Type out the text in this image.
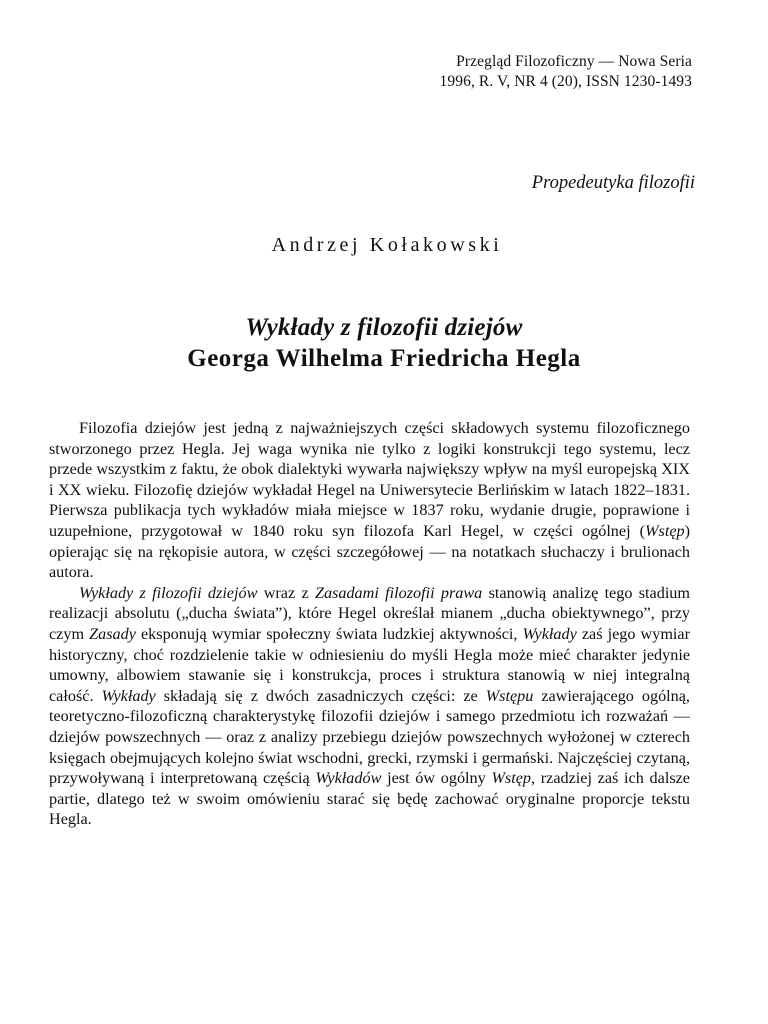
Przegląd Filozoficzny — Nowa Seria
1996, R. V, NR 4 (20), ISSN 1230-1493
Propedeutyka filozofii
Andrzej Kołakowski
Wykłady z filozofii dziejów
Georga Wilhelma Friedricha Hegla

Filozofia dziejów jest jedną z najważniejszych części składowych systemu filozoficznego stworzonego przez Hegla. Jej waga wynika nie tylko z logiki konstrukcji tego systemu, lecz przede wszystkim z faktu, że obok dialektyki wywarła największy wpływ na myśl europejską XIX i XX wieku. Filozofię dziejów wykładał Hegel na Uniwersytecie Berlińskim w latach 1822–1831. Pierwsza publikacja tych wykładów miała miejsce w 1837 roku, wydanie drugie, poprawione i uzupełnione, przygotował w 1840 roku syn filozofa Karl Hegel, w części ogólnej (Wstęp) opierając się na rękopisie autora, w części szczegółowej — na notatkach słuchaczy i brulionach autora.

Wykłady z filozofii dziejów wraz z Zasadami filozofii prawa stanowią analizę tego stadium realizacji absolutu („ducha świata”), które Hegel określał mianem „ducha obiektywnego”, przy czym Zasady eksponują wymiar społeczny świata ludzkiej aktywności, Wykłady zaś jego wymiar historyczny, choć rozdzielenie takie w odniesieniu do myśli Hegla może mieć charakter jedynie umowny, albowiem stawanie się i konstrukcja, proces i struktura stanowią w niej integralną całość. Wykłady składają się z dwóch zasadniczych części: ze Wstępu zawierającego ogólną, teoretyczno-filozoficzną charakterystykę filozofii dziejów i samego przedmiotu ich rozważań — dziejów powszechnych — oraz z analizy przebiegu dziejów powszechnych wyłożonej w czterech księgach obejmujących kolejno świat wschodni, grecki, rzymski i germański. Najczęściej czytaną, przywoływaną i interpretowaną częścią Wykładów jest ów ogólny Wstęp, rzadziej zaś ich dalsze partie, dlatego też w swoim omówieniu starać się będę zachować oryginalne proporcje tekstu Hegla.
